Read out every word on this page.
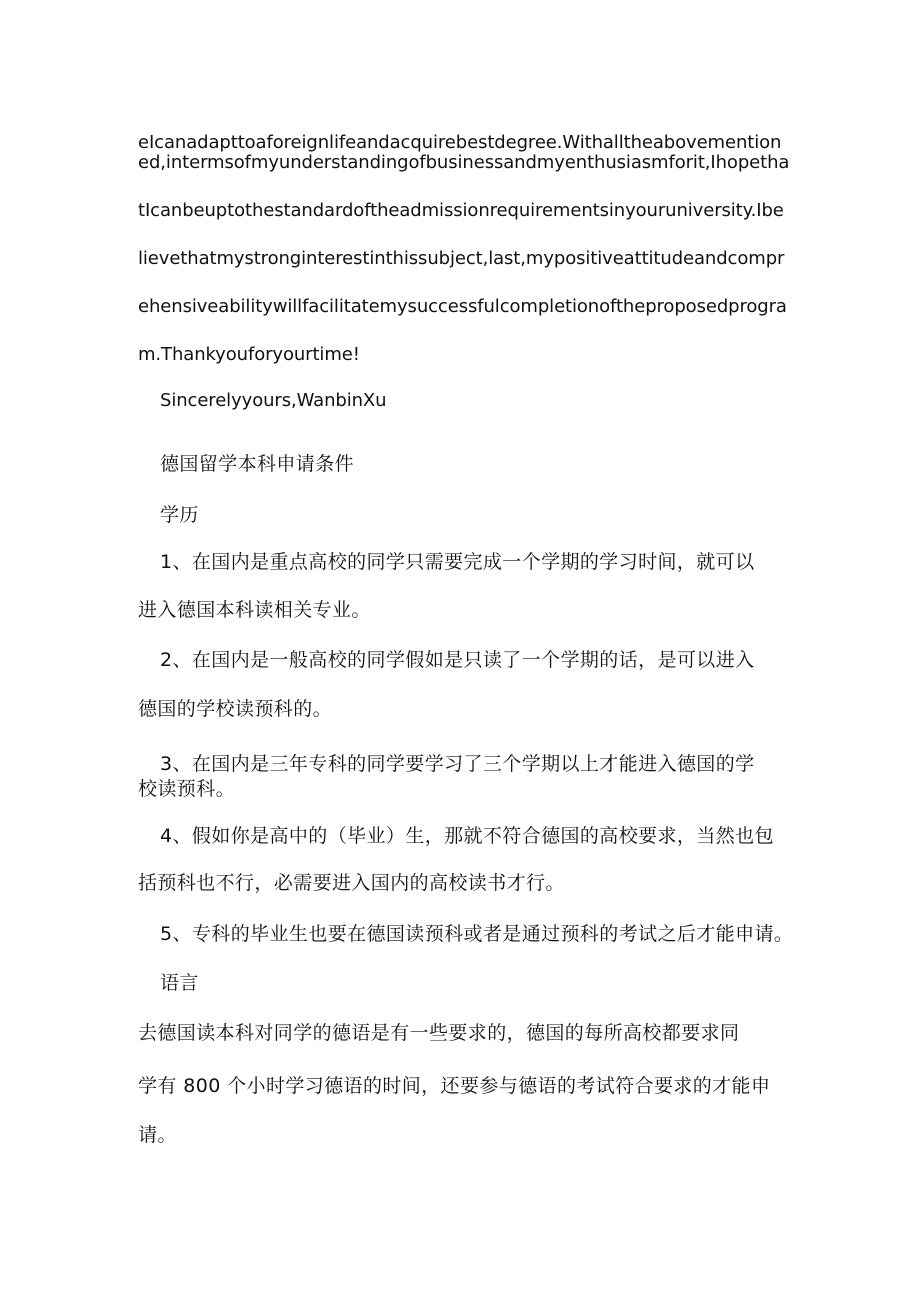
eIcanadapttoaforeignlifeandacquirebestdegree.Withalltheabovemention
ed,intermsofmyunderstandingofbusinessandmyenthusiasmforit,Ihopetha
tIcanbeuptothestandardoftheadmissionrequirementsinyouruniversity.Ibe
lievethatmystronginterestinthissubject,last,mypositiveattitudeandcompr
ehensiveabilitywillfacilitatemysuccessfulcompletionoftheproposedprogra
m.Thankyouforyourtime!
Sincerelyyours,WanbinXu
德国留学本科申请条件
学历
1、在国内是重点高校的同学只需要完成一个学期的学习时间，就可以
进入德国本科读相关专业。
2、在国内是一般高校的同学假如是只读了一个学期的话，是可以进入
德国的学校读预科的。
3、在国内是三年专科的同学要学习了三个学期以上才能进入德国的学
校读预科。
4、假如你是高中的（毕业）生，那就不符合德国的高校要求，当然也包
括预科也不行，必需要进入国内的高校读书才行。
5、专科的毕业生也要在德国读预科或者是通过预科的考试之后才能申请。
语言
去德国读本科对同学的德语是有一些要求的，德国的每所高校都要求同
学有 800 个小时学习德语的时间，还要参与德语的考试符合要求的才能申
请。
